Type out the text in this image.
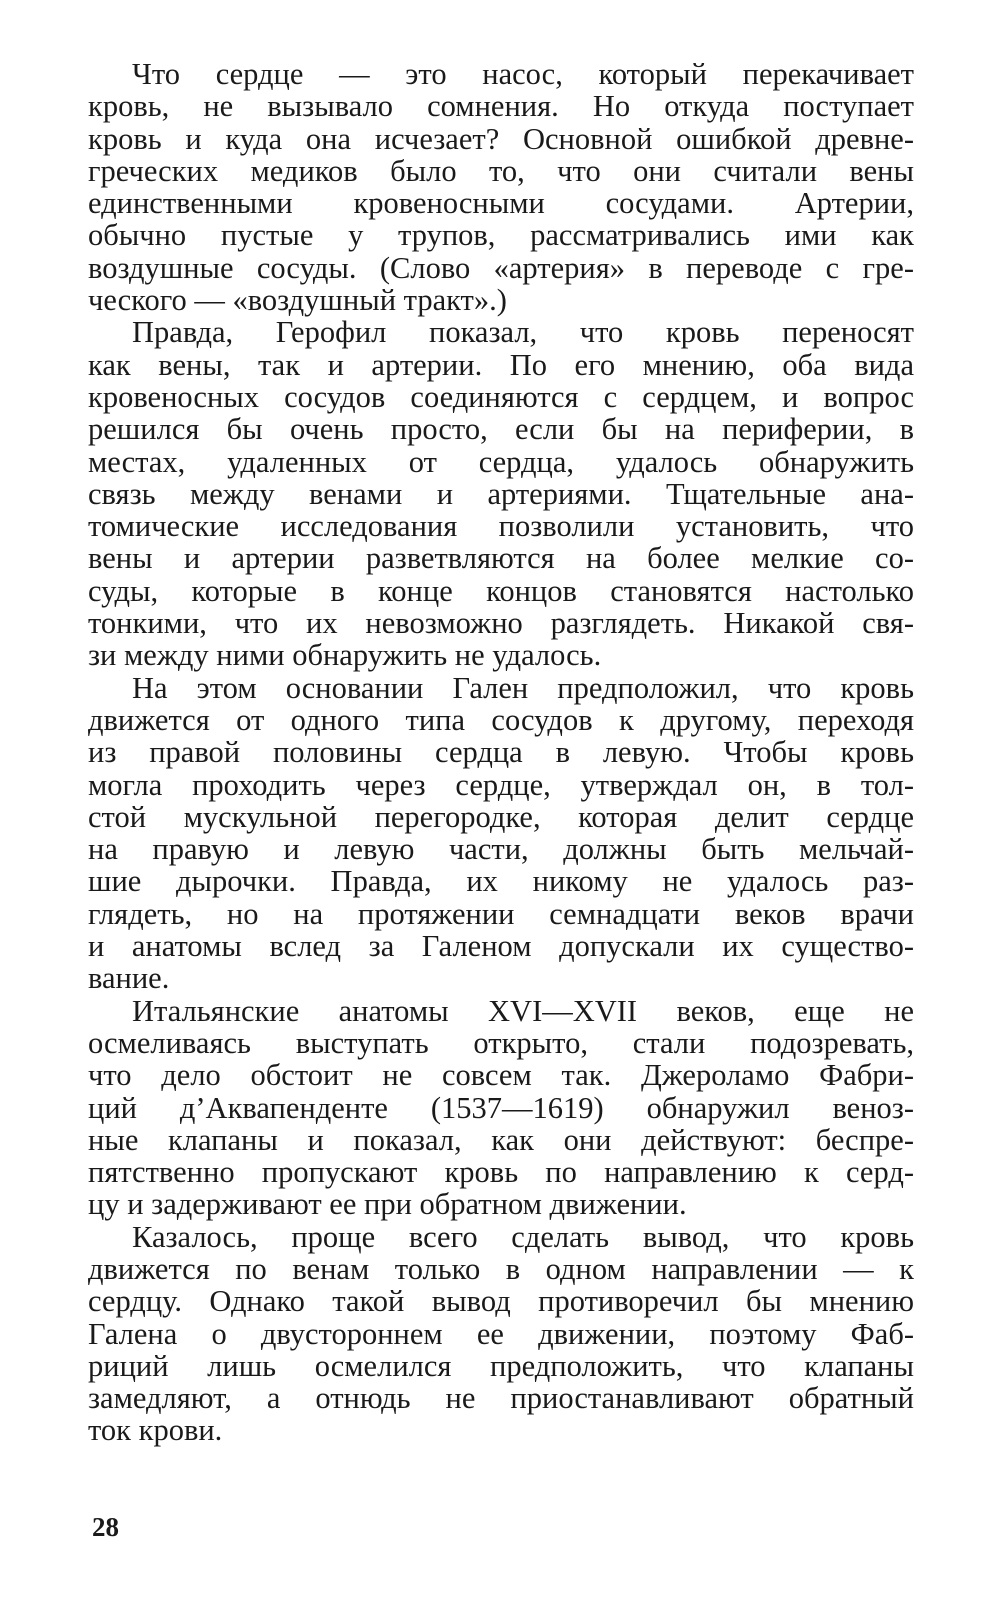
Что сердце — это насос, который перекачивает
кровь, не вызывало сомнения. Но откуда поступает
кровь и куда она исчезает? Основной ошибкой древне-
греческих медиков было то, что они считали вены
единственными кровеносными сосудами. Артерии,
обычно пустые у трупов, рассматривались ими как
воздушные сосуды. (Слово «артерия» в переводе с гре-
ческого — «воздушный тракт».)
Правда, Герофил показал, что кровь переносят
как вены, так и артерии. По его мнению, оба вида
кровеносных сосудов соединяются с сердцем, и вопрос
решился бы очень просто, если бы на периферии, в
местах, удаленных от сердца, удалось обнаружить
связь между венами и артериями. Тщательные ана-
томические исследования позволили установить, что
вены и артерии разветвляются на более мелкие со-
суды, которые в конце концов становятся настолько
тонкими, что их невозможно разглядеть. Никакой свя-
зи между ними обнаружить не удалось.
На этом основании Гален предположил, что кровь
движется от одного типа сосудов к другому, переходя
из правой половины сердца в левую. Чтобы кровь
могла проходить через сердце, утверждал он, в тол-
стой мускульной перегородке, которая делит сердце
на правую и левую части, должны быть мельчай-
шие дырочки. Правда, их никому не удалось раз-
глядеть, но на протяжении семнадцати веков врачи
и анатомы вслед за Галеном допускали их существо-
вание.
Итальянские анатомы XVI—XVII веков, еще не
осмеливаясь выступать открыто, стали подозревать,
что дело обстоит не совсем так. Джероламо Фабри-
ций д’Аквапенденте (1537—1619) обнаружил венoз-
ные клапаны и показал, как они действуют: беспре-
пятственно пропускают кровь по направлению к серд-
цу и задерживают ее при обратном движении.
Казалось, проще всего сделать вывод, что кровь
движется по венам только в одном направлении — к
сердцу. Однако такой вывод противоречил бы мнению
Галена о двустороннем ее движении, поэтому Фаб-
риций лишь осмелился предположить, что клапаны
замедляют, а отнюдь не приостанавливают обратный
ток крови.
28
